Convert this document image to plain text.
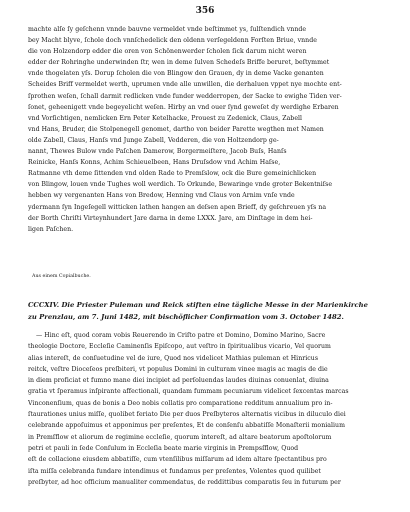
356
machte alſe ſy geſchenn vnnde bauvne vermeldet vnde beſtimmet ys, ſulſtendich vnnde
bey Macht blyve, ſchole doch vnnſchedelick den oldenn verſegeldenn Forſten Briue, vnnde
die von Holzendorp edder die oren von Schönenwerder ſcholen ſick darum nicht weren
edder der Rohringhe underwinden ſtr, wen in deme ſulven Schedeſs Briffe beruret, beſtymmet
vnde thogelaten yſs. Dorup ſcholen die von Blingow den Grauen, dy in deme Vacke genanten
Scheides Briff vermeldet werth, uprumen vnde alle unwillen, die derhaluen vppet nye mochte ent-
ſprothen weſen, ſchall darmit redlicken vnde funder wedderropen, der Sacke to ewighe Tiden ver-
ſonet, geheenigett vnde begeyelicht weſen. Hirby an vnd ouer ſynd geweſet dy werdighe Erbaren
vnd Vorſichtigen, nemlicken Ern Peter Ketelhacke, Prouest zu Zedenick, Claus, Zabell
vnd Hans, Bruder, die Stolpenegell genomet, dartho von beider Parette wegthen met Namen
olde Zabell, Claus, Hanſs vnd Junge Zabell, Vedderen, die von Holtzendorp ge-
nannt, Thewes Bulow vnde Paſchen Damerow, Borgermeiſtere, Jacob Buſs, Hanſs
Reinicke, Hanſs Konns, Achim Schieuelbeen, Hans Druſsdow vnd Achim Haſse,
Ratmanne vth deme ſittenden vnd olden Rade to Premſslow, ock die Bure gemeinichlicken
von Blingow, louen vnde Tughes woll werdich. To Orkunde, Bewaringe vnde groter Bekentniſse
hebben wy vergenanten Hans von Bredow, Henning vnd Claus von Arnim vnſe vnde
ydermann ſyn Ingeſegell witticken lathen hangen an deſsen apen Brieff, dy geſchreuen yſs na
der Borth Chriſti Virteynhundert Jare darna in deme LXXX. Jare, am Dinſtage in dem hei-
ligen Paſchen.
Aus einem Copialbuche.
CCCXIV. Die Priester Puleman und Reick stiften eine tägliche Messe in der Marienkirche
zu Prenzlau, am 7. Juni 1482, mit bischöflicher Confirmation vom 3. October 1482.
— Hinc eſt, quod coram vobis Reuerendo in Criſto patre et Domino, Domino Marino, Sacre
theologie Doctore, Eccleſie Caminenſis Epiſcopo, aut veſtro in ſpiritualibus vicario, Vel quorum
alias intereſt, de conſuetudine vel de iure, Quod nos videlicet Mathias puleman et Hinricus
reitck, veſtre Dioceſeos preſbiteri, vt populus Domini in culturam vinee magis ac magis de die
in diem proficiat et fumno mane diei incipiet ad perſoluendas laudes diuinas conuenlat, diuina
gratia vt ſperamus inſpirante affectionali, quandam fummam pecuniarum videlicet ſexcentas marcas
Vinconenſium, quas de bonis a Deo nobis collatis pro comparatione redditum annualium pro in-
ſtaurationes unius miſſe, quolibet feriato Die per duos Preſbyteros alternatis vicibus in diluculo diei
celebrande appoſuimus et apponimus per preſentes, Et de conſenſu abbatiſſe Monaſterii monialium
in Premſflow et aliorum de regimine eccleſie, quorum intereſt, ad altare beatorum apoſtolorum
petri et pauli in ſede Conſulum in Eccleſia beate marie virginis in Prempsſflow, Quod
eſt de collacione eiusdem abbatiſſe, cum vtenſilibus miſſarum ad idem altare ſpectantibus pro
iſta miſſa celebranda fundare intendimus et fundamus per preſentes, Volentes quod quilibet
preſbyter, ad hoc officium manualiter commendatus, de reddittibus comparatis ſeu in futurum per
